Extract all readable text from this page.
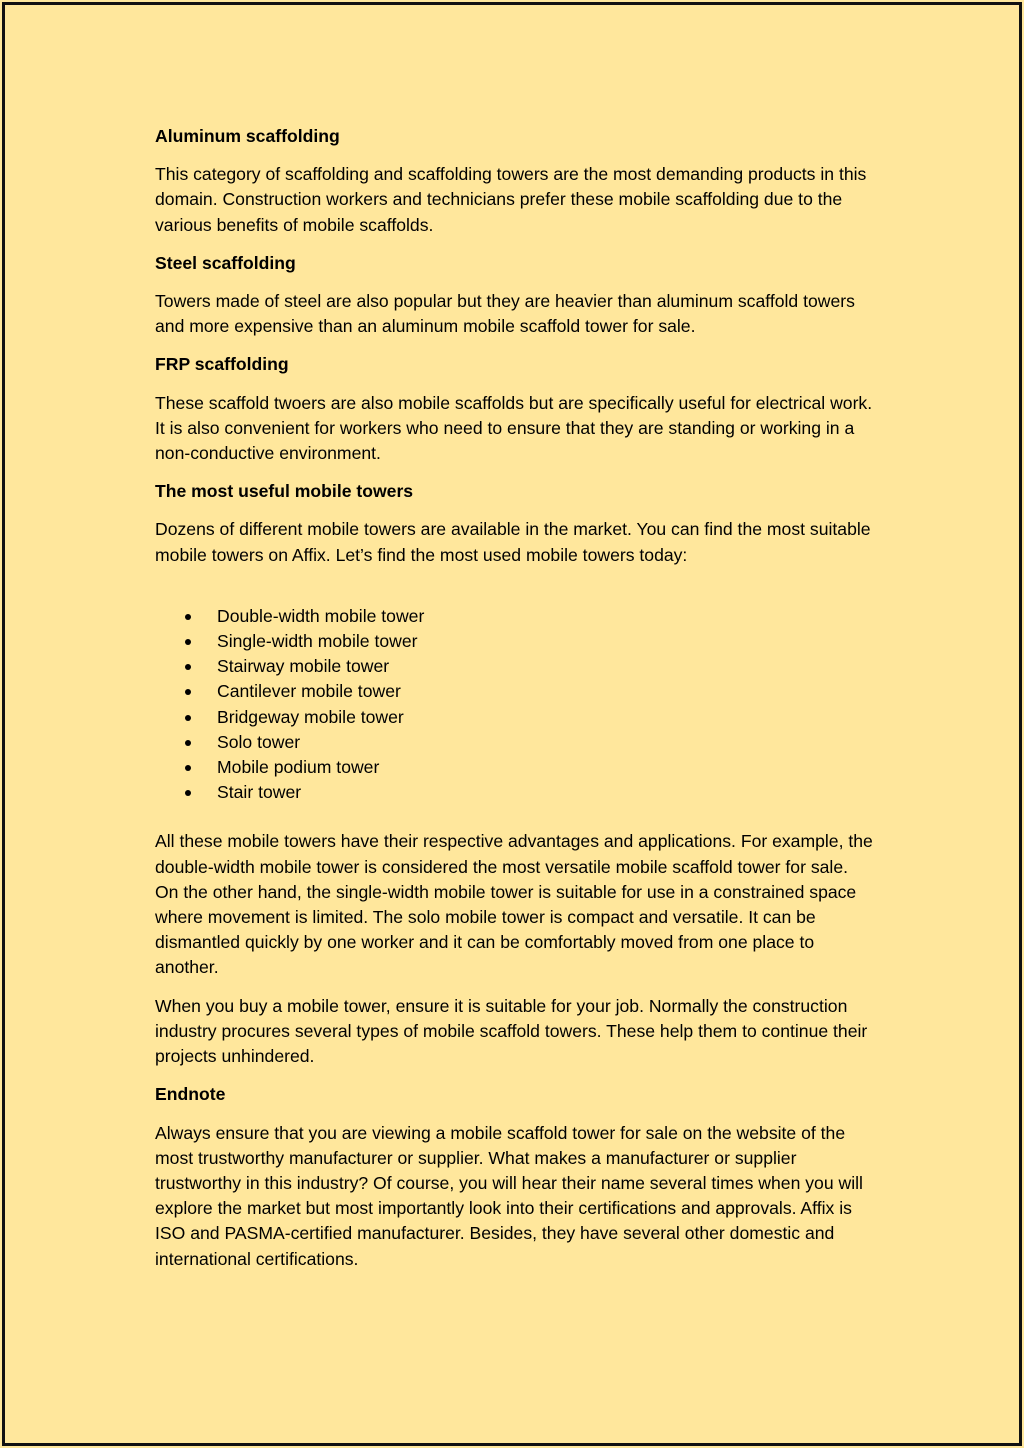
Aluminum scaffolding
This category of scaffolding and scaffolding towers are the most demanding products in this domain. Construction workers and technicians prefer these mobile scaffolding due to the various benefits of mobile scaffolds.
Steel scaffolding
Towers made of steel are also popular but they are heavier than aluminum scaffold towers and more expensive than an aluminum mobile scaffold tower for sale.
FRP scaffolding
These scaffold twoers are also mobile scaffolds but are specifically useful for electrical work. It is also convenient for workers who need to ensure that they are standing or working in a non-conductive environment.
The most useful mobile towers
Dozens of different mobile towers are available in the market. You can find the most suitable mobile towers on Affix. Let’s find the most used mobile towers today:
Double-width mobile tower
Single-width mobile tower
Stairway mobile tower
Cantilever mobile tower
Bridgeway mobile tower
Solo tower
Mobile podium tower
Stair tower
All these mobile towers have their respective advantages and applications. For example, the double-width mobile tower is considered the most versatile mobile scaffold tower for sale. On the other hand, the single-width mobile tower is suitable for use in a constrained space where movement is limited. The solo mobile tower is compact and versatile. It can be dismantled quickly by one worker and it can be comfortably moved from one place to another.
When you buy a mobile tower, ensure it is suitable for your job. Normally the construction industry procures several types of mobile scaffold towers. These help them to continue their projects unhindered.
Endnote
Always ensure that you are viewing a mobile scaffold tower for sale on the website of the most trustworthy manufacturer or supplier. What makes a manufacturer or supplier trustworthy in this industry? Of course, you will hear their name several times when you will explore the market but most importantly look into their certifications and approvals. Affix is ISO and PASMA-certified manufacturer. Besides, they have several other domestic and international certifications.
